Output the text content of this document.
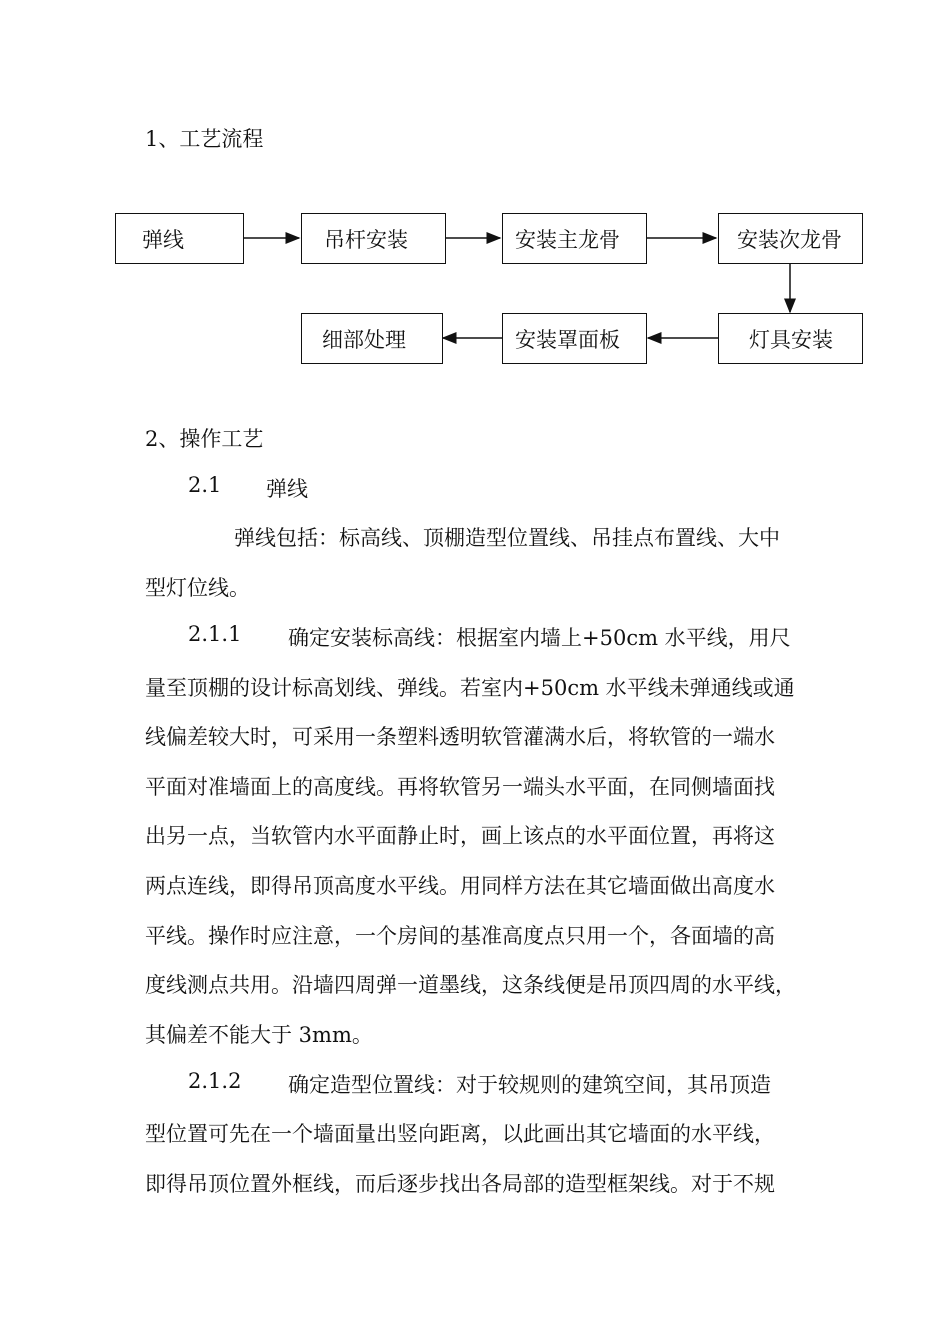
1、工艺流程
弹线	吊杆安装	安装主龙骨	安装次龙骨
灯具安装
安装罩面板
细部处理
2、操作工艺
2.1 弹线
弹线包括：标高线、顶棚造型位置线、吊挂点布置线、大中
型灯位线。
2.1.1 确定安装标高线：根据室内墙上+50cm 水平线，用尺
量至顶棚的设计标高划线、弹线。若室内+50cm 水平线未弹通线或通
线偏差较大时，可采用一条塑料透明软管灌满水后，将软管的一端水
平面对准墙面上的高度线。再将软管另一端头水平面，在同侧墙面找
出另一点，当软管内水平面静止时，画上该点的水平面位置，再将这
两点连线，即得吊顶高度水平线。用同样方法在其它墙面做出高度水
平线。操作时应注意，一个房间的基准高度点只用一个，各面墙的高
度线测点共用。沿墙四周弹一道墨线，这条线便是吊顶四周的水平线，
其偏差不能大于 3mm。
2.1.2 确定造型位置线：对于较规则的建筑空间，其吊顶造
型位置可先在一个墙面量出竖向距离，以此画出其它墙面的水平线，
即得吊顶位置外框线，而后逐步找出各局部的造型框架线。对于不规
